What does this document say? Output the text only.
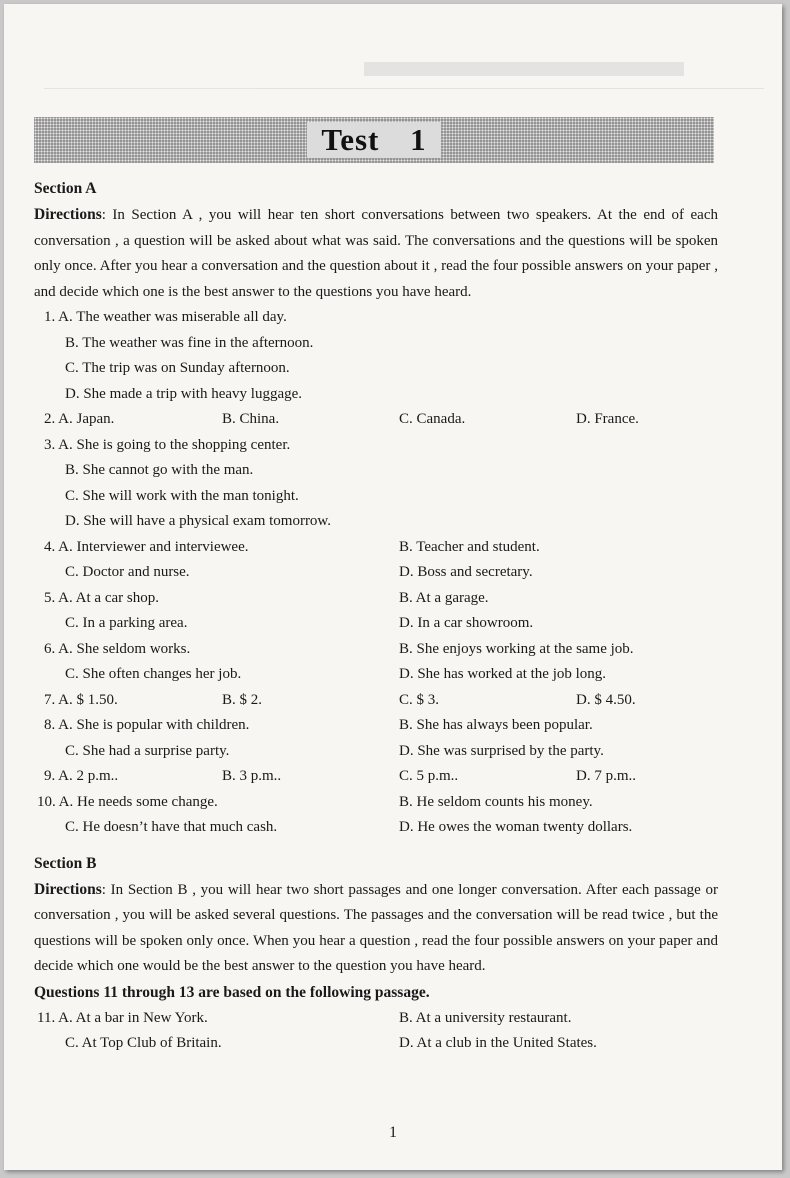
Test 1
Section A

Directions: In Section A , you will hear ten short conversations between two speakers. At the end of each conversation , a question will be asked about what was said. The conversations and the questions will be spoken only once. After you hear a conversation and the question about it , read the four possible answers on your paper , and decide which one is the best answer to the questions you have heard.

1. A. The weather was miserable all day.
B. The weather was fine in the afternoon.
C. The trip was on Sunday afternoon.
D. She made a trip with heavy luggage.
2. A. Japan.	B. China.	C. Canada.	D. France.
3. A. She is going to the shopping center.
B. She cannot go with the man.
C. She will work with the man tonight.
D. She will have a physical exam tomorrow.
4. A. Interviewer and interviewee.	B. Teacher and student.
C. Doctor and nurse.	D. Boss and secretary.
5. A. At a car shop.	B. At a garage.
C. In a parking area.	D. In a car showroom.
6. A. She seldom works.	B. She enjoys working at the same job.
C. She often changes her job.	D. She has worked at the job long.
7. A. $ 1.50.	B. $ 2.	C. $ 3.	D. $ 4.50.
8. A. She is popular with children.	B. She has always been popular.
C. She had a surprise party.	D. She was surprised by the party.
9. A. 2 p.m..	B. 3 p.m..	C. 5 p.m..	D. 7 p.m..
10. A. He needs some change.	B. He seldom counts his money.
C. He doesn’t have that much cash.	D. He owes the woman twenty dollars.
Section B

Directions: In Section B , you will hear two short passages and one longer conversation. After each passage or conversation , you will be asked several questions. The passages and the conversation will be read twice , but the questions will be spoken only once. When you hear a question , read the four possible answers on your paper and decide which one would be the best answer to the question you have heard.

Questions 11 through 13 are based on the following passage.
11. A. At a bar in New York.	B. At a university restaurant.
C. At Top Club of Britain.	D. At a club in the United States.
1
